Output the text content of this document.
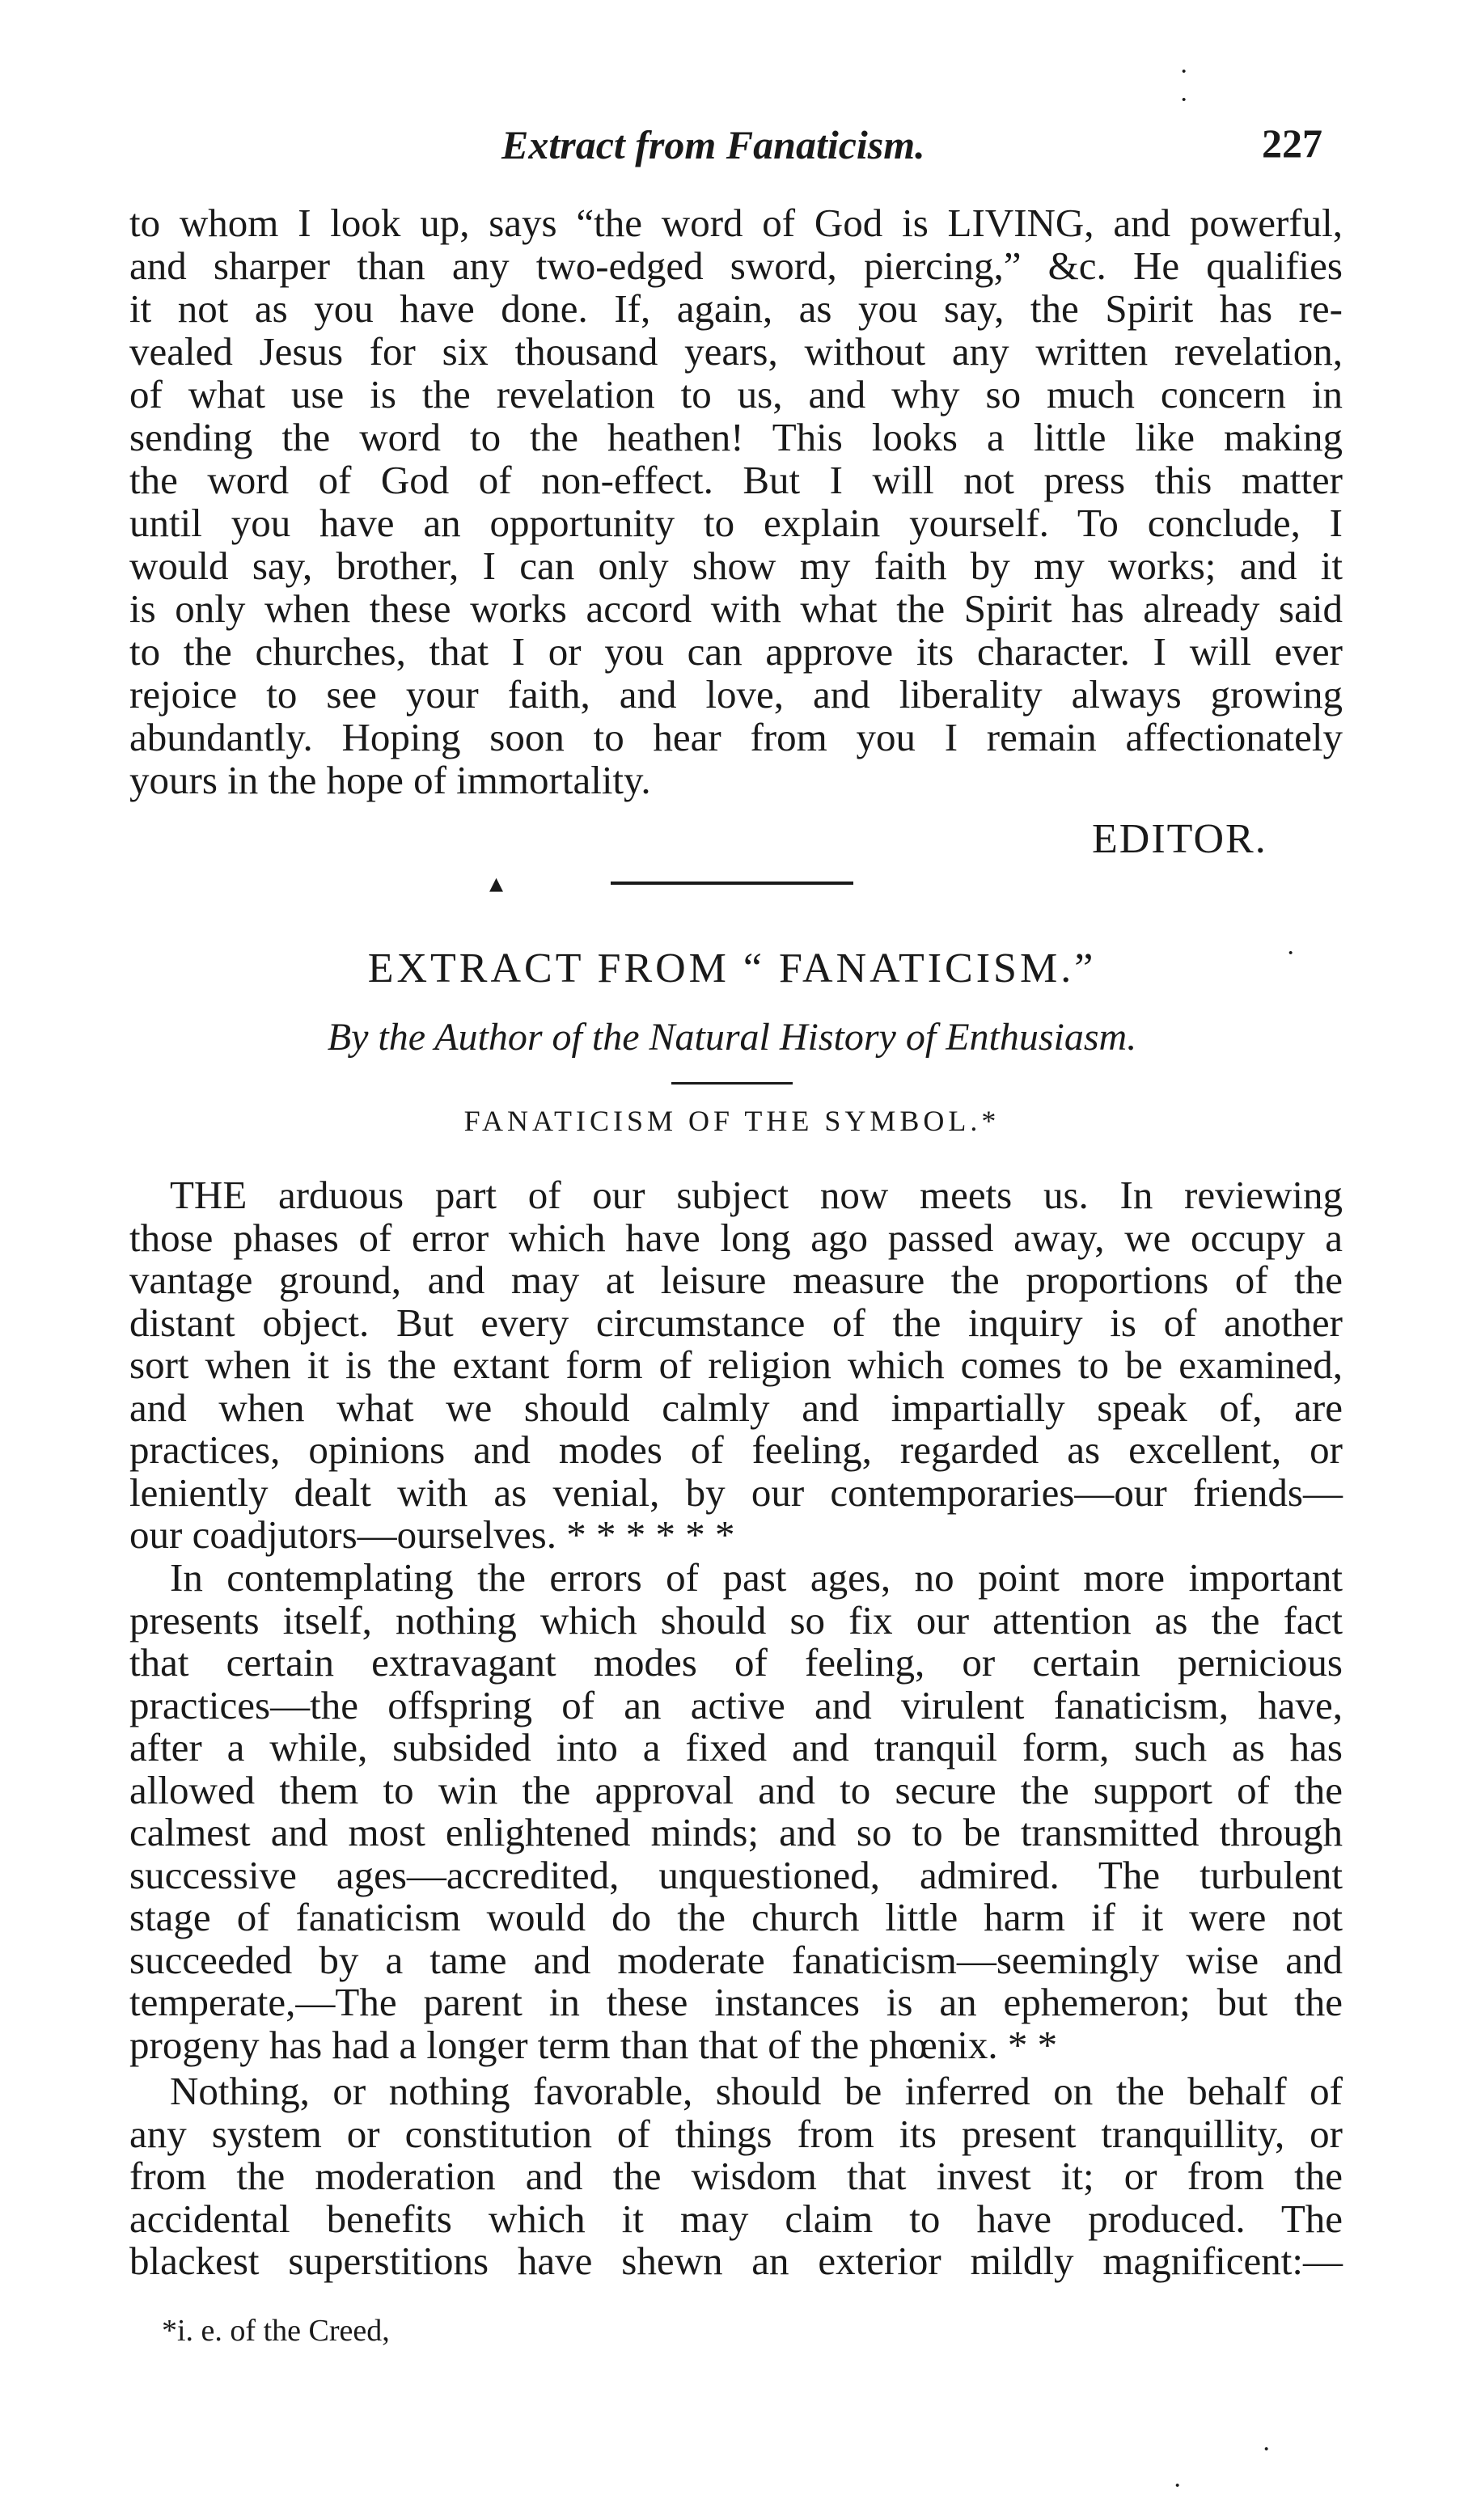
Extract from Fanaticism.	227
to whom I look up, says “the word of God is LIVING, and powerful,
and sharper than any two-edged sword, piercing,” &c. He qualifies
it not as you have done. If, again, as you say, the Spirit has re-
vealed Jesus for six thousand years, without any written revelation,
of what use is the revelation to us, and why so much concern in
sending the word to the heathen! This looks a little like making
the word of God of non-effect. But I will not press this matter
until you have an opportunity to explain yourself. To conclude, I
would say, brother, I can only show my faith by my works; and it
is only when these works accord with what the Spirit has already said
to the churches, that I or you can approve its character. I will ever
rejoice to see your faith, and love, and liberality always growing
abundantly. Hoping soon to hear from you I remain affectionately
yours in the hope of immortality.
EDITOR.
▴
EXTRACT FROM “ FANATICISM.”
By the Author of the Natural History of Enthusiasm.
FANATICISM OF THE SYMBOL.*
THE arduous part of our subject now meets us. In reviewing
those phases of error which have long ago passed away, we occupy a
vantage ground, and may at leisure measure the proportions of the
distant object. But every circumstance of the inquiry is of another
sort when it is the extant form of religion which comes to be examined,
and when what we should calmly and impartially speak of, are
practices, opinions and modes of feeling, regarded as excellent, or
leniently dealt with as venial, by our contemporaries—our friends—
our coadjutors—ourselves. * * * * * *
In contemplating the errors of past ages, no point more important
presents itself, nothing which should so fix our attention as the fact
that certain extravagant modes of feeling, or certain pernicious
practices—the offspring of an active and virulent fanaticism, have,
after a while, subsided into a fixed and tranquil form, such as has
allowed them to win the approval and to secure the support of the
calmest and most enlightened minds; and so to be transmitted through
successive ages—accredited, unquestioned, admired. The turbulent
stage of fanaticism would do the church little harm if it were not
succeeded by a tame and moderate fanaticism—seemingly wise and
temperate,—The parent in these instances is an ephemeron; but the
progeny has had a longer term than that of the phœnix. * *
Nothing, or nothing favorable, should be inferred on the behalf of
any system or constitution of things from its present tranquillity, or
from the moderation and the wisdom that invest it; or from the
accidental benefits which it may claim to have produced. The
blackest superstitions have shewn an exterior mildly magnificent:—
*i. e. of the Creed,
·
·
·
·
·
